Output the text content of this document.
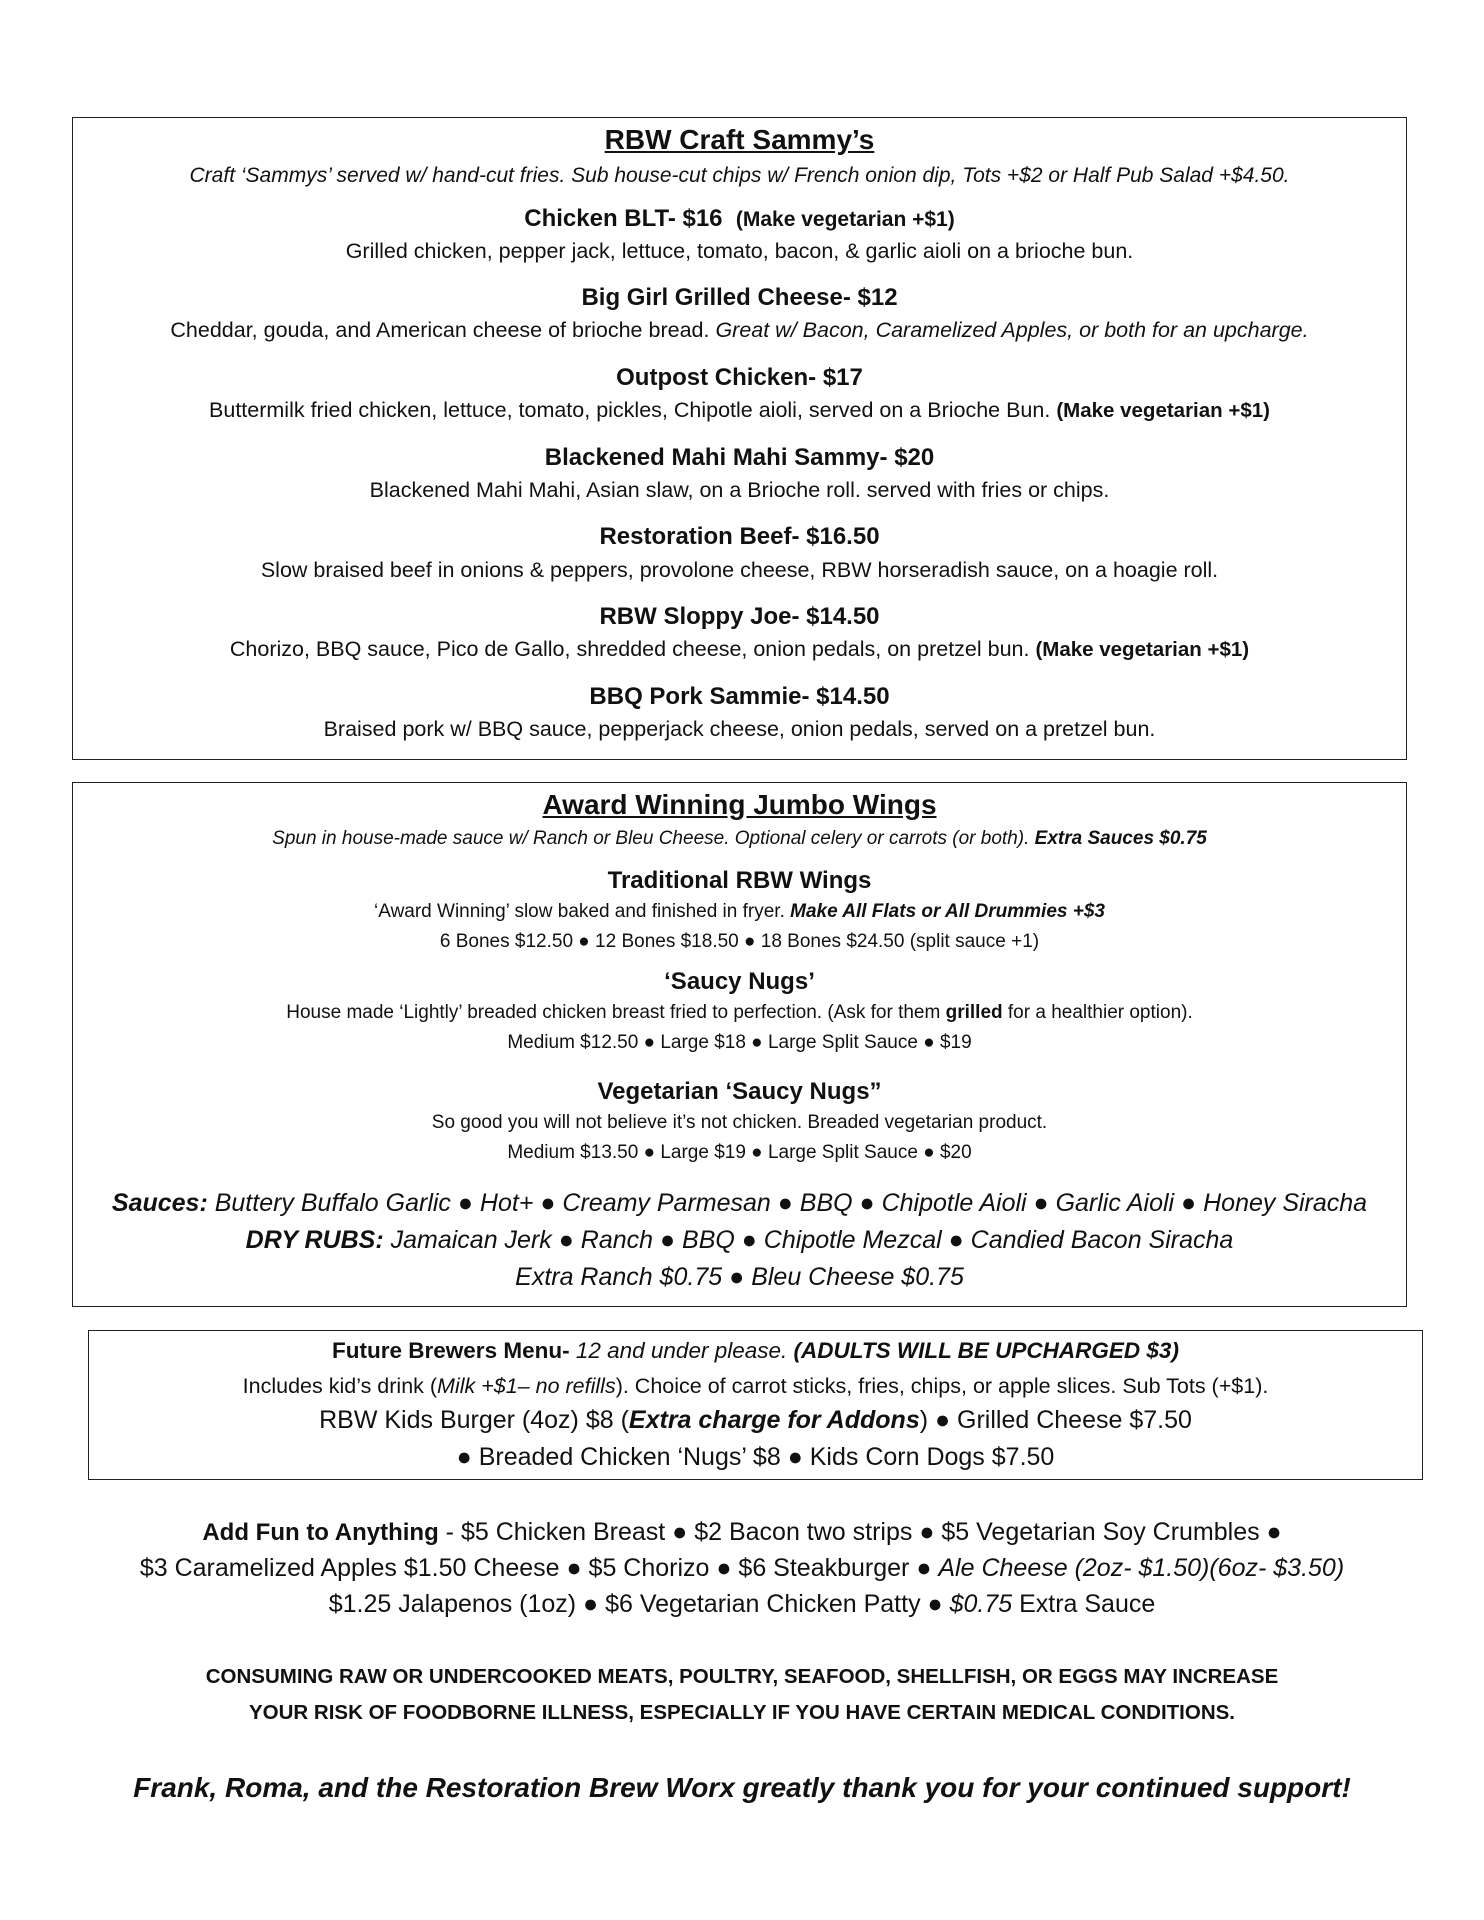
RBW Craft Sammy’s
Craft ‘Sammys’ served w/ hand-cut fries. Sub house-cut chips w/ French onion dip, Tots +$2 or Half Pub Salad +$4.50.
Chicken BLT- $16 (Make vegetarian +$1)
Grilled chicken, pepper jack, lettuce, tomato, bacon, & garlic aioli on a brioche bun.
Big Girl Grilled Cheese- $12
Cheddar, gouda, and American cheese of brioche bread. Great w/ Bacon, Caramelized Apples, or both for an upcharge.
Outpost Chicken- $17
Buttermilk fried chicken, lettuce, tomato, pickles, Chipotle aioli, served on a Brioche Bun. (Make vegetarian +$1)
Blackened Mahi Mahi Sammy- $20
Blackened Mahi Mahi, Asian slaw, on a Brioche roll. served with fries or chips.
Restoration Beef- $16.50
Slow braised beef in onions & peppers, provolone cheese, RBW horseradish sauce, on a hoagie roll.
RBW Sloppy Joe- $14.50
Chorizo, BBQ sauce, Pico de Gallo, shredded cheese, onion pedals, on pretzel bun. (Make vegetarian +$1)
BBQ Pork Sammie- $14.50
Braised pork w/ BBQ sauce, pepperjack cheese, onion pedals, served on a pretzel bun.
Award Winning Jumbo Wings
Spun in house-made sauce w/ Ranch or Bleu Cheese. Optional celery or carrots (or both). Extra Sauces $0.75
Traditional RBW Wings
‘Award Winning’ slow baked and finished in fryer. Make All Flats or All Drummies +$3
6 Bones $12.50 ● 12 Bones $18.50 ● 18 Bones $24.50 (split sauce +1)
‘Saucy Nugs’
House made ‘Lightly’ breaded chicken breast fried to perfection. (Ask for them grilled for a healthier option).
Medium $12.50 ● Large $18 ● Large Split Sauce ● $19
Vegetarian ‘Saucy Nugs”
So good you will not believe it’s not chicken. Breaded vegetarian product.
Medium $13.50 ● Large $19 ● Large Split Sauce ● $20
Sauces: Buttery Buffalo Garlic ● Hot+ ● Creamy Parmesan ● BBQ ● Chipotle Aioli ● Garlic Aioli ● Honey Siracha
DRY RUBS: Jamaican Jerk ● Ranch ● BBQ ● Chipotle Mezcal ● Candied Bacon Siracha
Extra Ranch $0.75 ● Bleu Cheese $0.75
Future Brewers Menu- 12 and under please. (ADULTS WILL BE UPCHARGED $3)
Includes kid’s drink (Milk +$1– no refills). Choice of carrot sticks, fries, chips, or apple slices. Sub Tots (+$1).
RBW Kids Burger (4oz) $8 (Extra charge for Addons) ● Grilled Cheese $7.50
● Breaded Chicken ‘Nugs’ $8 ● Kids Corn Dogs $7.50
Add Fun to Anything - $5 Chicken Breast ● $2 Bacon two strips ● $5 Vegetarian Soy Crumbles ●
$3 Caramelized Apples $1.50 Cheese ● $5 Chorizo ● $6 Steakburger ● Ale Cheese (2oz- $1.50)(6oz- $3.50)
$1.25 Jalapenos (1oz) ● $6 Vegetarian Chicken Patty ● $0.75 Extra Sauce
CONSUMING RAW OR UNDERCOOKED MEATS, POULTRY, SEAFOOD, SHELLFISH, OR EGGS MAY INCREASE
YOUR RISK OF FOODBORNE ILLNESS, ESPECIALLY IF YOU HAVE CERTAIN MEDICAL CONDITIONS.
Frank, Roma, and the Restoration Brew Worx greatly thank you for your continued support!
